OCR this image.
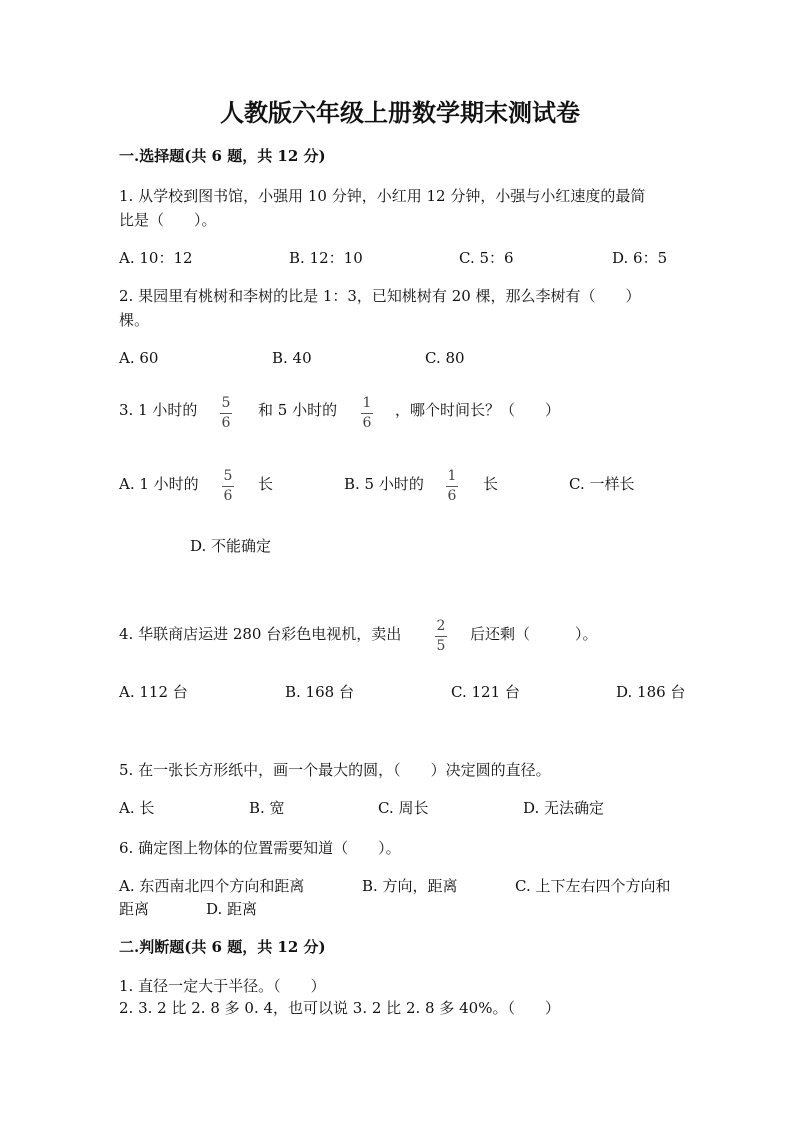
人教版六年级上册数学期末测试卷
一.选择题(共 6 题，共 12 分)
1. 从学校到图书馆，小强用 10 分钟，小红用 12 分钟，小强与小红速度的最简
比是（　　）。
A. 10：12	B. 12：10	C. 5：6	D. 6：5
2. 果园里有桃树和李树的比是 1：3，已知桃树有 20 棵，那么李树有（　　）
棵。
A. 60	B. 40	C. 80
3. 1 小时的 5
6
和 5 小时的 1
6
，哪个时间长？（　　）
A. 1 小时的 5
6
长	B. 5 小时的 1
6
长	C. 一样长
D. 不能确定
4. 华联商店运进 280 台彩色电视机，卖出	2
5
后还剩（　　　）。
A. 112 台	B. 168 台	C. 121 台	D. 186 台
5. 在一张长方形纸中，画一个最大的圆，（　　）决定圆的直径。
A. 长	B. 宽	C. 周长	D. 无法确定
6. 确定图上物体的位置需要知道（　　）。
A. 东西南北四个方向和距离	B. 方向，距离	C. 上下左右四个方向和
距离	D. 距离
二.判断题(共 6 题，共 12 分)
1. 直径一定大于半径。（　　）
2. 3. 2 比 2. 8 多 0. 4，也可以说 3. 2 比 2. 8 多 40%。（　　）
